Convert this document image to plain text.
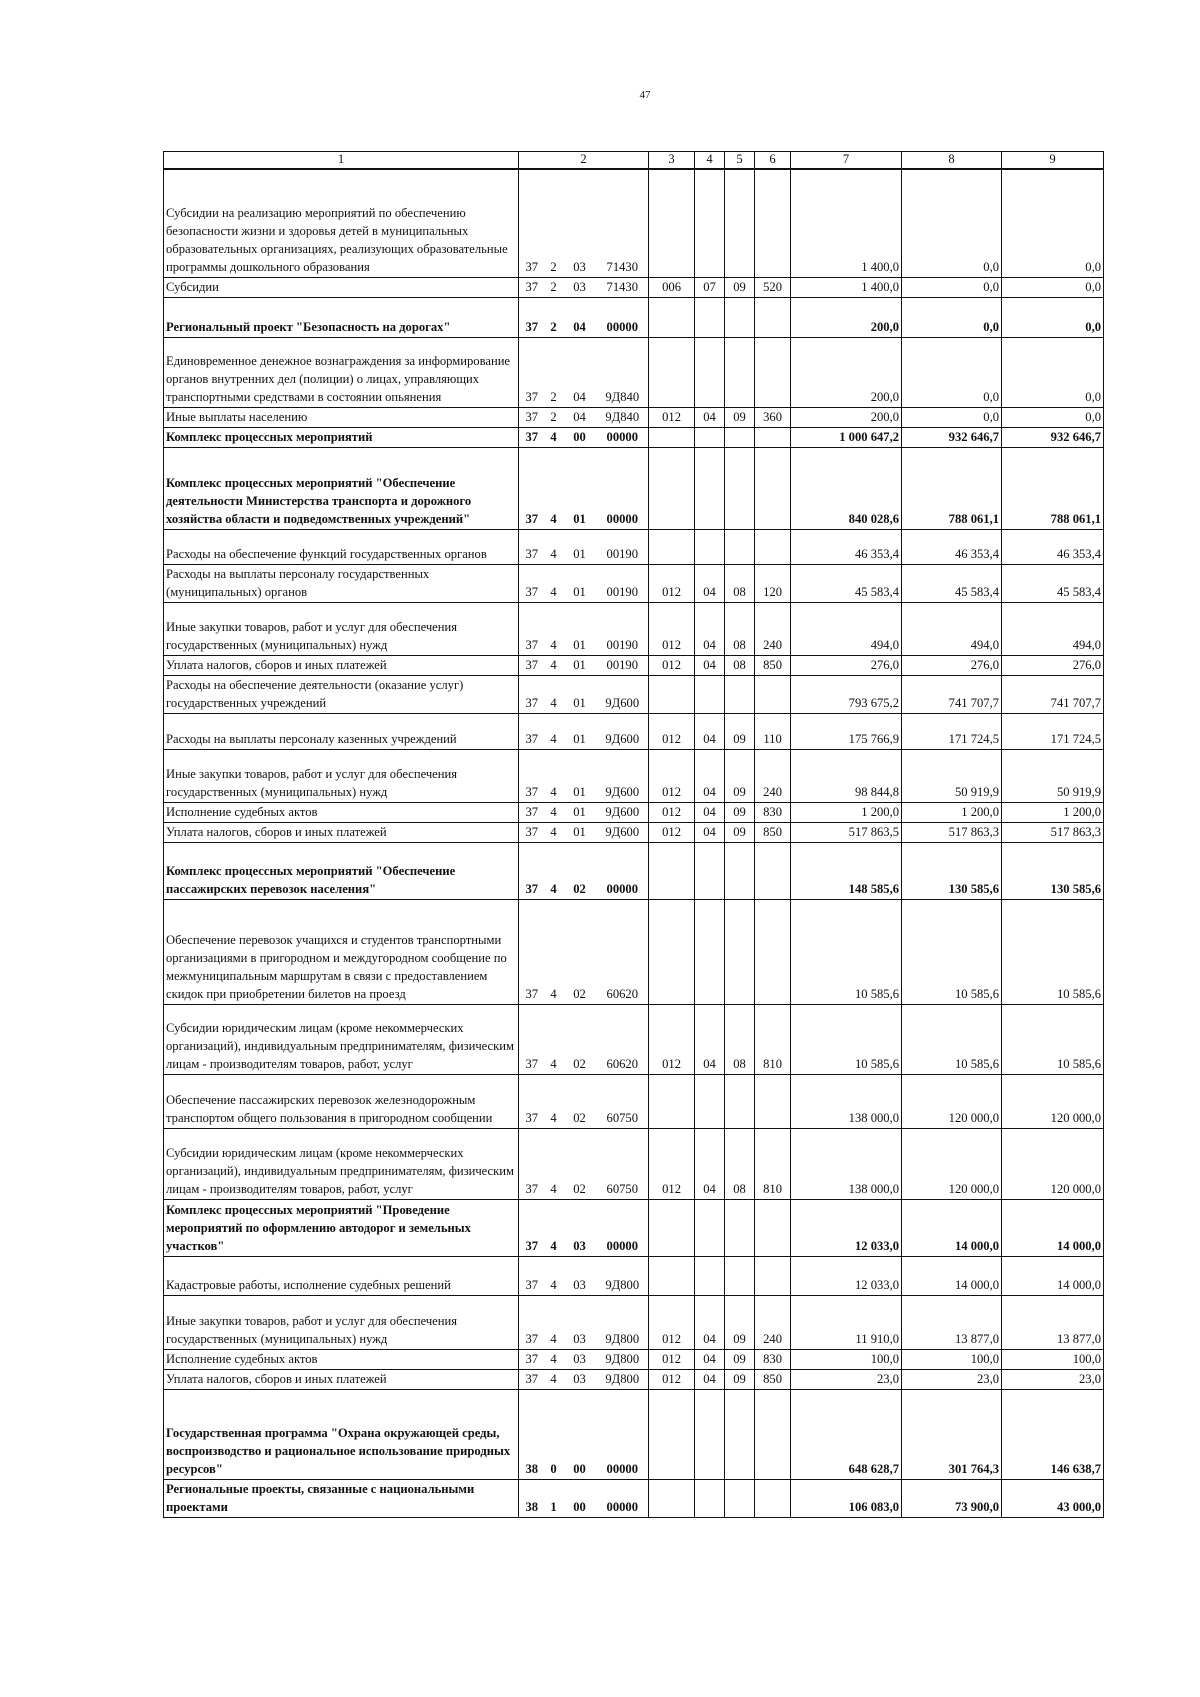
47
1	2				3	4	5	6	7	8	9
Субсидии на реализацию мероприятий по обеспечению безопасности жизни и здоровья детей в муниципальных образовательных организациях, реализующих образовательные программы дошкольного образования	37	2	03	71430					1 400,0	0,0	0,0
Субсидии	37	2	03	71430	006	07	09	520	1 400,0	0,0	0,0
Региональный проект "Безопасность на дорогах"	37	2	04	00000					200,0	0,0	0,0
Единовременное денежное вознаграждения за информирование органов внутренних дел (полиции) о лицах, управляющих транспортными средствами в состоянии опьянения	37	2	04	9Д840					200,0	0,0	0,0
Иные выплаты населению	37	2	04	9Д840	012	04	09	360	200,0	0,0	0,0
Комплекс процессных мероприятий	37	4	00	00000					1 000 647,2	932 646,7	932 646,7
Комплекс процессных мероприятий "Обеспечение деятельности Министерства транспорта и дорожного хозяйства области и подведомственных учреждений"	37	4	01	00000					840 028,6	788 061,1	788 061,1
Расходы на обеспечение функций государственных органов	37	4	01	00190					46 353,4	46 353,4	46 353,4
Расходы на выплаты персоналу государственных (муниципальных) органов	37	4	01	00190	012	04	08	120	45 583,4	45 583,4	45 583,4
Иные закупки товаров, работ и услуг для обеспечения государственных (муниципальных) нужд	37	4	01	00190	012	04	08	240	494,0	494,0	494,0
Уплата налогов, сборов и иных платежей	37	4	01	00190	012	04	08	850	276,0	276,0	276,0
Расходы на обеспечение деятельности (оказание услуг) государственных учреждений	37	4	01	9Д600					793 675,2	741 707,7	741 707,7
Расходы на выплаты персоналу казенных учреждений	37	4	01	9Д600	012	04	09	110	175 766,9	171 724,5	171 724,5
Иные закупки товаров, работ и услуг для обеспечения государственных (муниципальных) нужд	37	4	01	9Д600	012	04	09	240	98 844,8	50 919,9	50 919,9
Исполнение судебных актов	37	4	01	9Д600	012	04	09	830	1 200,0	1 200,0	1 200,0
Уплата налогов, сборов и иных платежей	37	4	01	9Д600	012	04	09	850	517 863,5	517 863,3	517 863,3
Комплекс процессных мероприятий "Обеспечение пассажирских перевозок населения"	37	4	02	00000					148 585,6	130 585,6	130 585,6
Обеспечение перевозок учащихся и студентов транспортными организациями в пригородном и междугородном сообщение по межмуниципальным маршрутам в связи с предоставлением скидок при приобретении билетов на проезд	37	4	02	60620					10 585,6	10 585,6	10 585,6
Субсидии юридическим лицам (кроме некоммерческих организаций), индивидуальным предпринимателям, физическим лицам - производителям товаров, работ, услуг	37	4	02	60620	012	04	08	810	10 585,6	10 585,6	10 585,6
Обеспечение пассажирских перевозок железнодорожным транспортом общего пользования в пригородном сообщении	37	4	02	60750					138 000,0	120 000,0	120 000,0
Субсидии юридическим лицам (кроме некоммерческих организаций), индивидуальным предпринимателям, физическим лицам - производителям товаров, работ, услуг	37	4	02	60750	012	04	08	810	138 000,0	120 000,0	120 000,0
Комплекс процессных мероприятий "Проведение мероприятий по оформлению автодорог и земельных участков"	37	4	03	00000					12 033,0	14 000,0	14 000,0
Кадастровые работы, исполнение судебных решений	37	4	03	9Д800					12 033,0	14 000,0	14 000,0
Иные закупки товаров, работ и услуг для обеспечения государственных (муниципальных) нужд	37	4	03	9Д800	012	04	09	240	11 910,0	13 877,0	13 877,0
Исполнение судебных актов	37	4	03	9Д800	012	04	09	830	100,0	100,0	100,0
Уплата налогов, сборов и иных платежей	37	4	03	9Д800	012	04	09	850	23,0	23,0	23,0
Государственная программа "Охрана окружающей среды, воспроизводство и рациональное использование природных ресурсов"	38	0	00	00000					648 628,7	301 764,3	146 638,7
Региональные проекты, связанные с национальными проектами	38	1	00	00000					106 083,0	73 900,0	43 000,0
